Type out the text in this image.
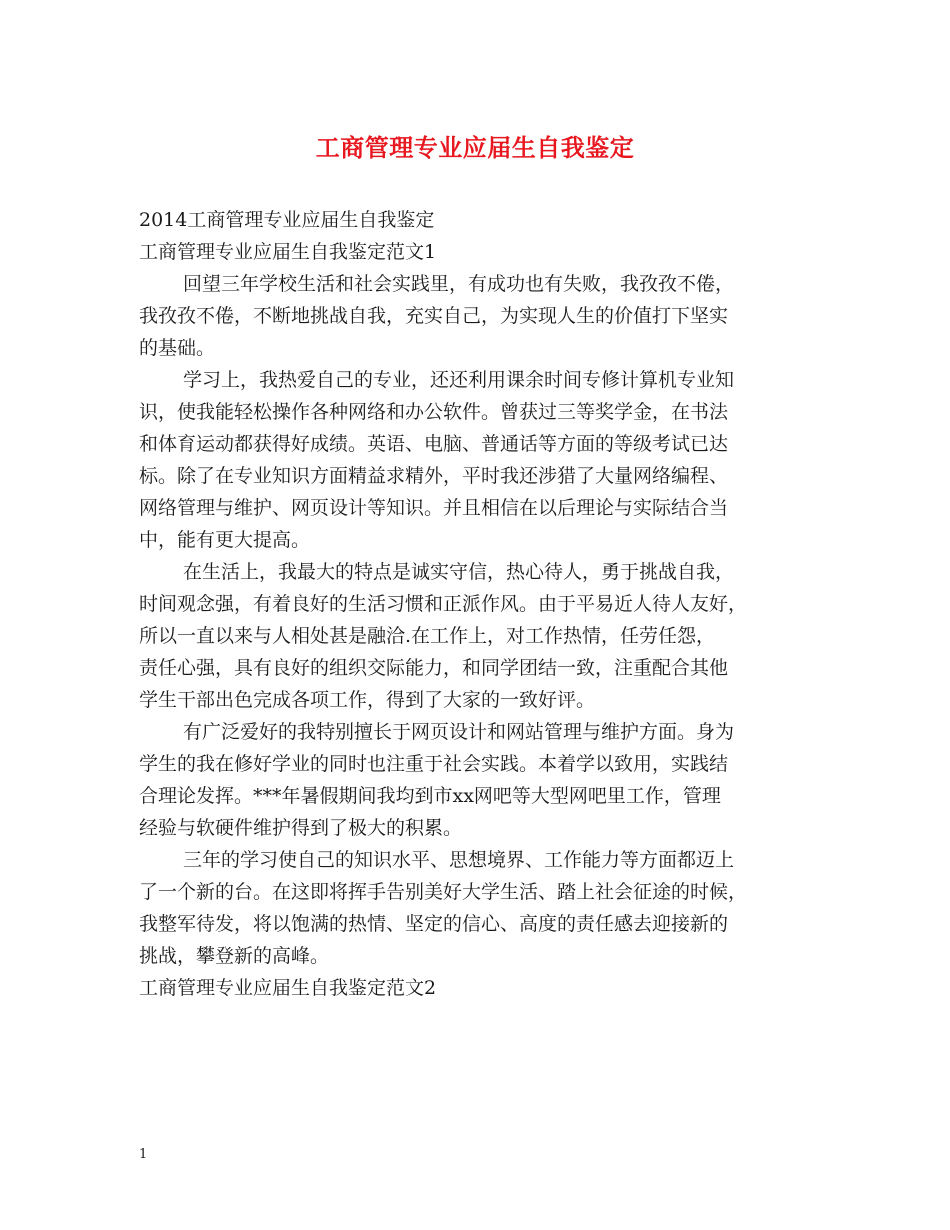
工商管理专业应届生自我鉴定
2014工商管理专业应届生自我鉴定
工商管理专业应届生自我鉴定范文1
回望三年学校生活和社会实践里，有成功也有失败，我孜孜不倦，
我孜孜不倦，不断地挑战自我，充实自己，为实现人生的价值打下坚实
的基础。
学习上，我热爱自己的专业，还还利用课余时间专修计算机专业知
识，使我能轻松操作各种网络和办公软件。曾获过三等奖学金，在书法
和体育运动都获得好成绩。英语、电脑、普通话等方面的等级考试已达
标。除了在专业知识方面精益求精外，平时我还涉猎了大量网络编程、
网络管理与维护、网页设计等知识。并且相信在以后理论与实际结合当
中，能有更大提高。
在生活上，我最大的特点是诚实守信，热心待人，勇于挑战自我，
时间观念强，有着良好的生活习惯和正派作风。由于平易近人待人友好，
所以一直以来与人相处甚是融洽.在工作上，对工作热情，任劳任怨，
责任心强，具有良好的组织交际能力，和同学团结一致，注重配合其他
学生干部出色完成各项工作，得到了大家的一致好评。
有广泛爱好的我特别擅长于网页设计和网站管理与维护方面。身为
学生的我在修好学业的同时也注重于社会实践。本着学以致用，实践结
合理论发挥。***年暑假期间我均到市xx网吧等大型网吧里工作，管理
经验与软硬件维护得到了极大的积累。
三年的学习使自己的知识水平、思想境界、工作能力等方面都迈上
了一个新的台。在这即将挥手告别美好大学生活、踏上社会征途的时候，
我整军待发，将以饱满的热情、坚定的信心、高度的责任感去迎接新的
挑战，攀登新的高峰。
工商管理专业应届生自我鉴定范文2
1
